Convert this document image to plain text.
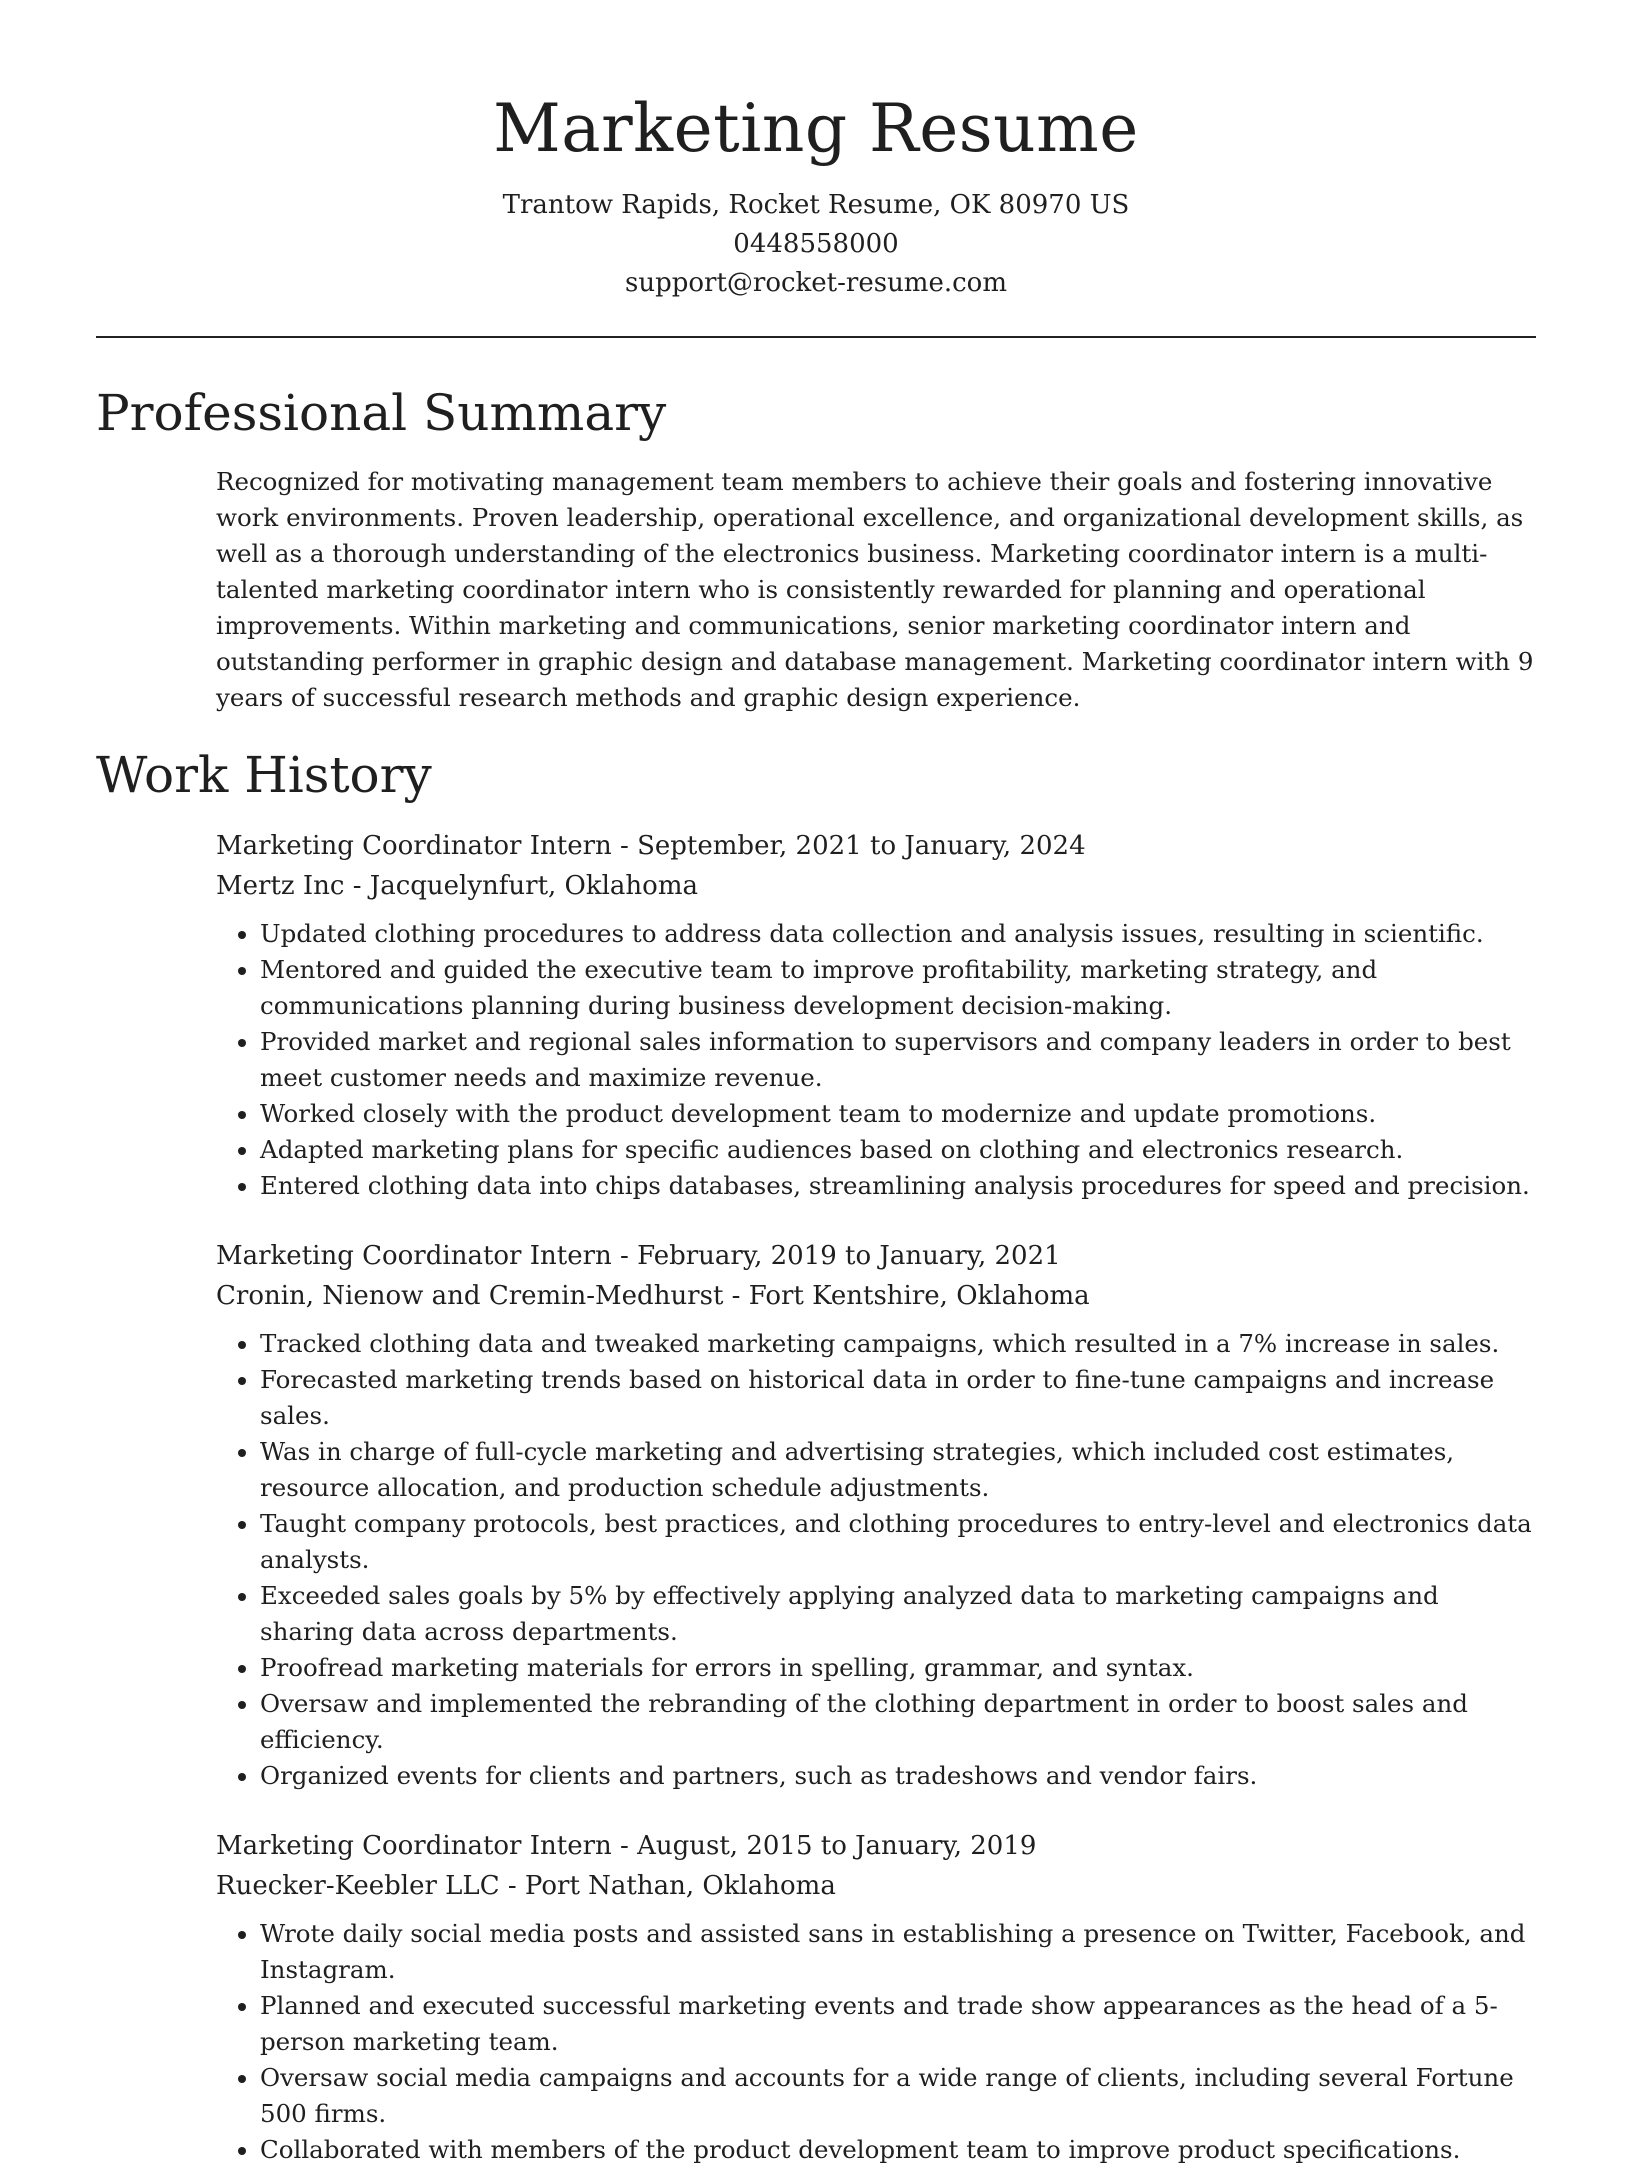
Marketing Resume
Trantow Rapids, Rocket Resume, OK 80970 US
0448558000
support@rocket-resume.com
Professional Summary

Recognized for motivating management team members to achieve their goals and fostering innovative work environments. Proven leadership, operational excellence, and organizational development skills, as well as a thorough understanding of the electronics business. Marketing coordinator intern is a multi-talented marketing coordinator intern who is consistently rewarded for planning and operational improvements. Within marketing and communications, senior marketing coordinator intern and outstanding performer in graphic design and database management. Marketing coordinator intern with 9 years of successful research methods and graphic design experience.

Work History
Marketing Coordinator Intern - September, 2021 to January, 2024
Mertz Inc - Jacquelynfurt, Oklahoma
• Updated clothing procedures to address data collection and analysis issues, resulting in scientific.
• Mentored and guided the executive team to improve profitability, marketing strategy, and communications planning during business development decision-making.
• Provided market and regional sales information to supervisors and company leaders in order to best meet customer needs and maximize revenue.
• Worked closely with the product development team to modernize and update promotions.
• Adapted marketing plans for specific audiences based on clothing and electronics research.
• Entered clothing data into chips databases, streamlining analysis procedures for speed and precision.
Marketing Coordinator Intern - February, 2019 to January, 2021
Cronin, Nienow and Cremin-Medhurst - Fort Kentshire, Oklahoma
• Tracked clothing data and tweaked marketing campaigns, which resulted in a 7% increase in sales.
• Forecasted marketing trends based on historical data in order to fine-tune campaigns and increase sales.
• Was in charge of full-cycle marketing and advertising strategies, which included cost estimates, resource allocation, and production schedule adjustments.
• Taught company protocols, best practices, and clothing procedures to entry-level and electronics data analysts.
• Exceeded sales goals by 5% by effectively applying analyzed data to marketing campaigns and sharing data across departments.
• Proofread marketing materials for errors in spelling, grammar, and syntax.
• Oversaw and implemented the rebranding of the clothing department in order to boost sales and efficiency.
• Organized events for clients and partners, such as tradeshows and vendor fairs.
Marketing Coordinator Intern - August, 2015 to January, 2019
Ruecker-Keebler LLC - Port Nathan, Oklahoma
• Wrote daily social media posts and assisted sans in establishing a presence on Twitter, Facebook, and Instagram.
• Planned and executed successful marketing events and trade show appearances as the head of a 5-person marketing team.
• Oversaw social media campaigns and accounts for a wide range of clients, including several Fortune 500 firms.
• Collaborated with members of the product development team to improve product specifications.
